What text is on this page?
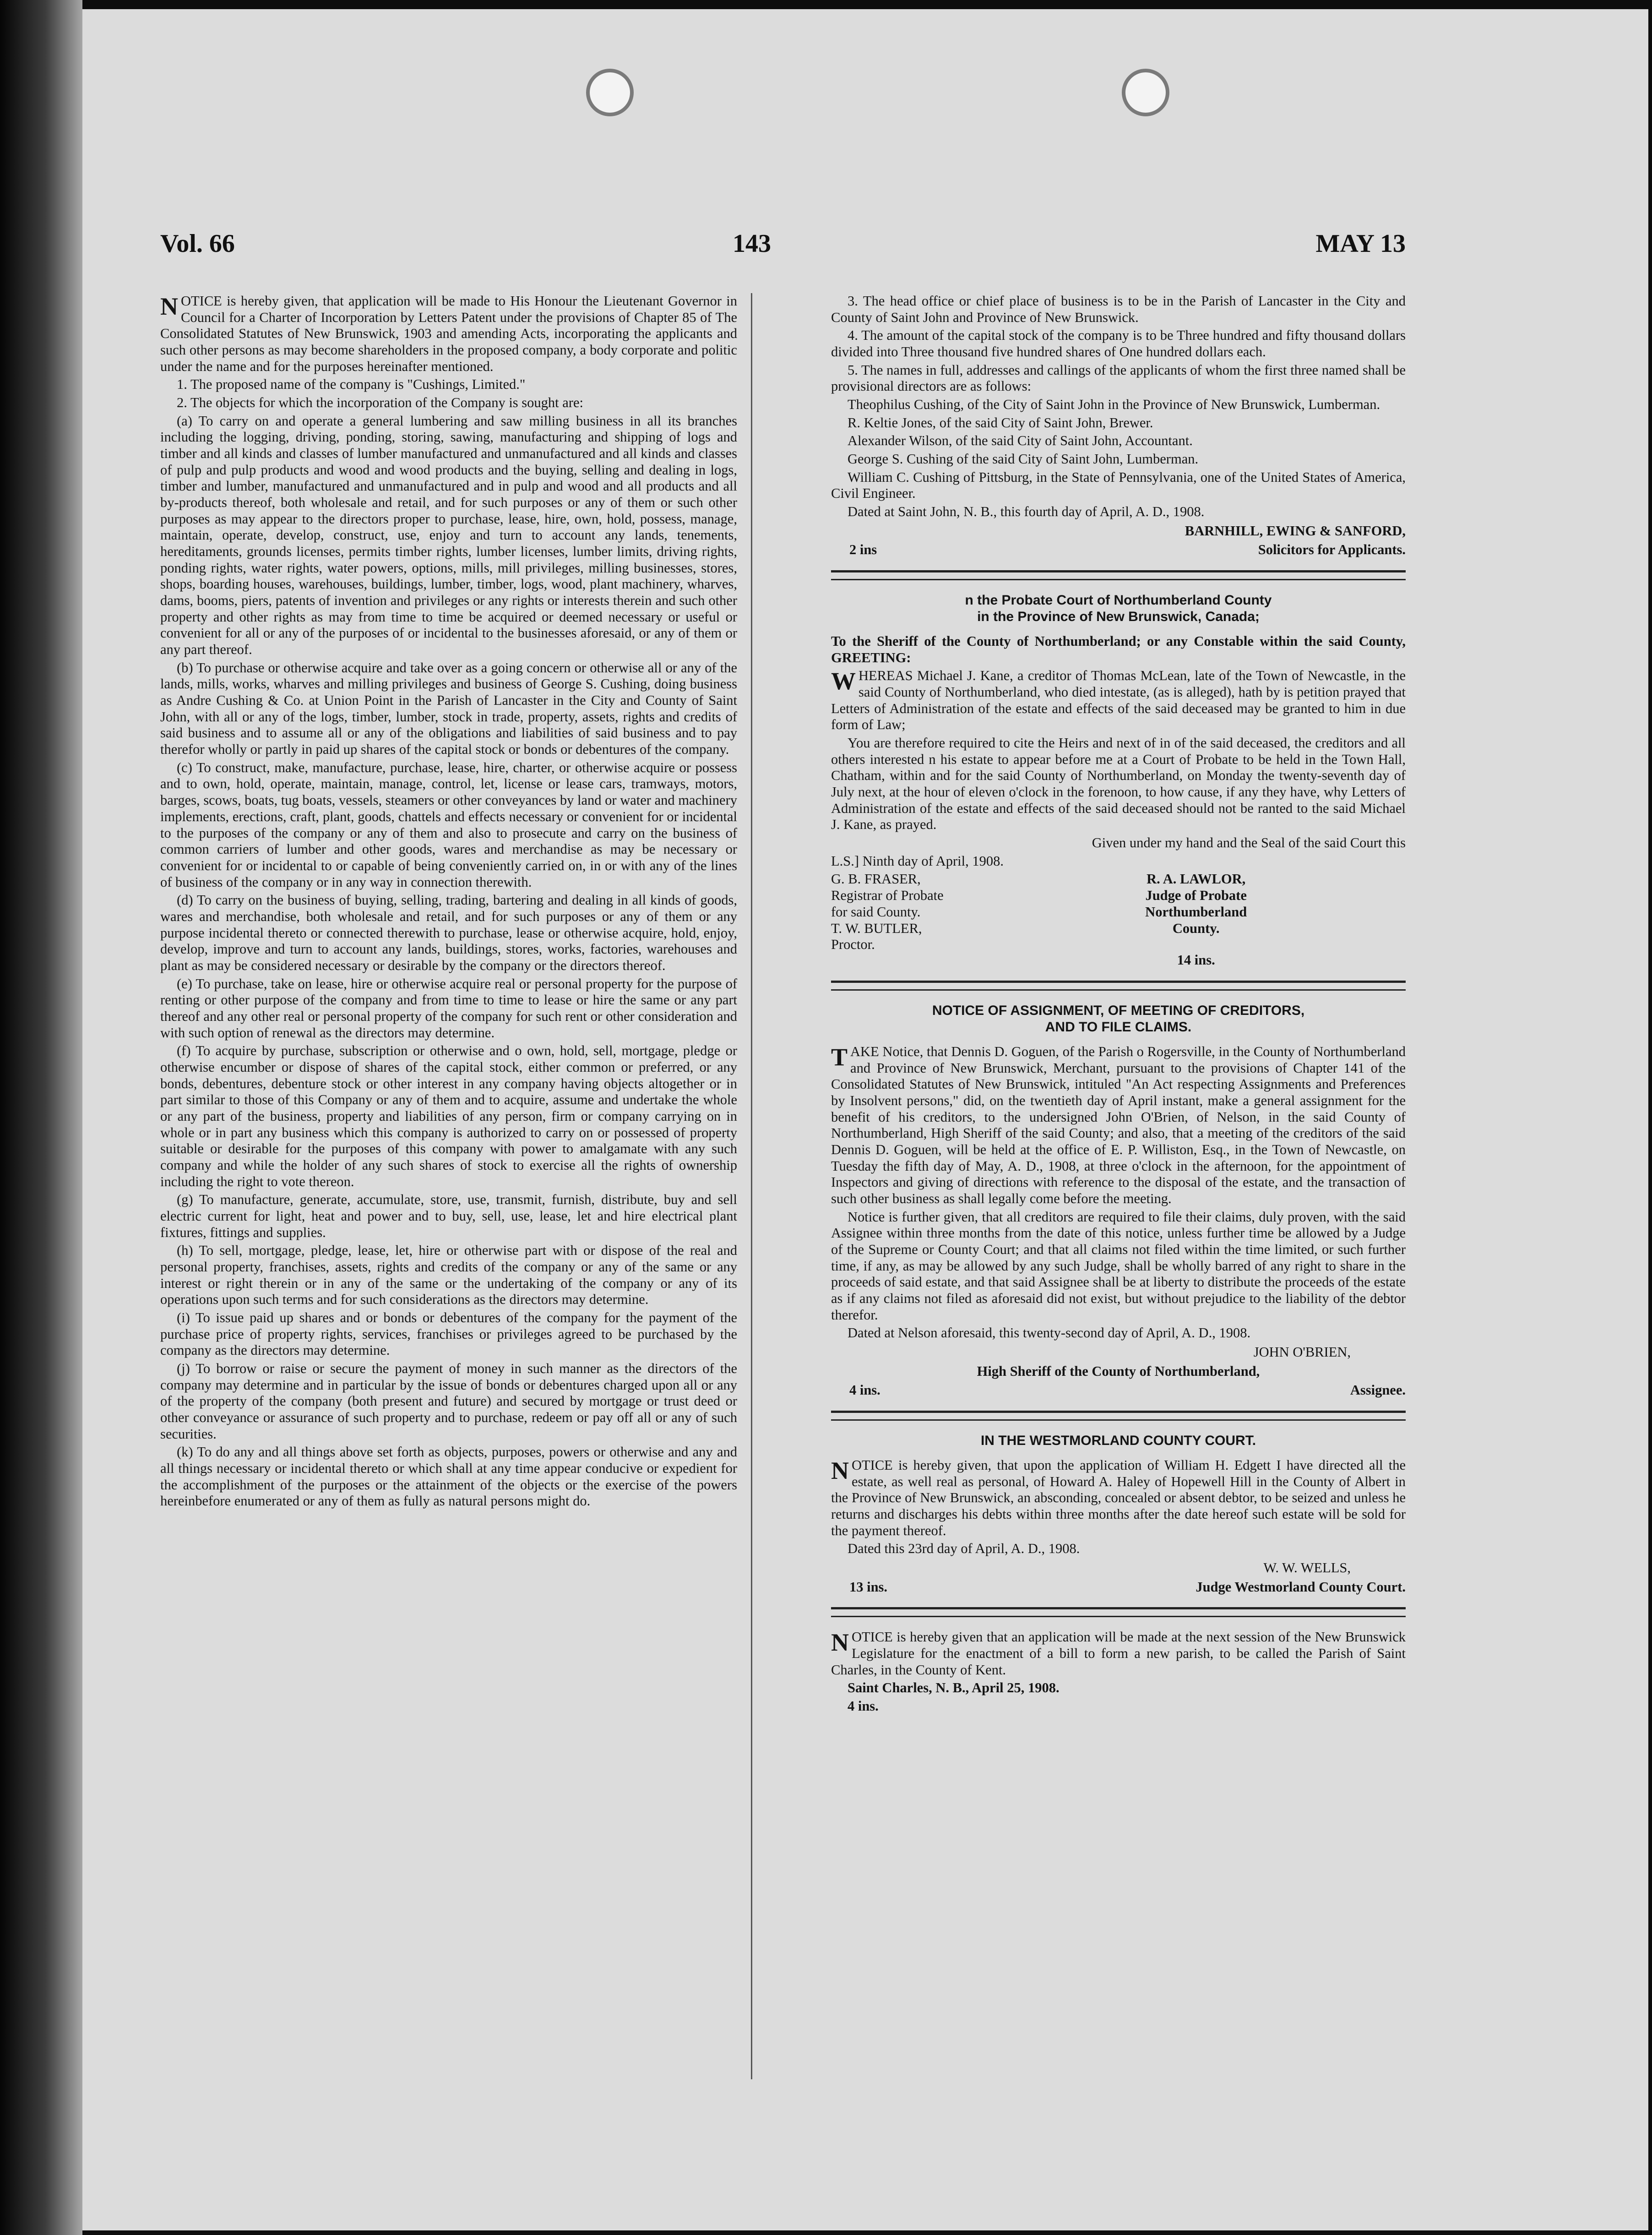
Vol. 66	143	MAY 13

NOTICE is hereby given, that application will be made to His Honour the Lieutenant Governor in Council for a Charter of Incorporation by Letters Patent under the provisions of Chapter 85 of The Consolidated Statutes of New Brunswick, 1903 and amending Acts, incorporating the applicants and such other persons as may become shareholders in the proposed company, a body corporate and politic under the name and for the purposes hereinafter mentioned.

1. The proposed name of the company is "Cushings, Limited."

2. The objects for which the incorporation of the Company is sought are:

(a) To carry on and operate a general lumbering and saw milling business in all its branches including the logging, driving, ponding, storing, sawing, manufacturing and shipping of logs and timber and all kinds and classes of lumber manufactured and unmanufactured and all kinds and classes of pulp and pulp products and wood and wood products and the buying, selling and dealing in logs, timber and lumber, manufactured and unmanufactured and in pulp and wood and all products and all by-products thereof, both wholesale and retail, and for such purposes or any of them or such other purposes as may appear to the directors proper to purchase, lease, hire, own, hold, possess, manage, maintain, operate, develop, construct, use, enjoy and turn to account any lands, tenements, hereditaments, grounds licenses, permits timber rights, lumber licenses, lumber limits, driving rights, ponding rights, water rights, water powers, options, mills, mill privileges, milling businesses, stores, shops, boarding houses, warehouses, buildings, lumber, timber, logs, wood, plant machinery, wharves, dams, booms, piers, patents of invention and privileges or any rights or interests therein and such other property and other rights as may from time to time be acquired or deemed necessary or useful or convenient for all or any of the purposes of or incidental to the businesses aforesaid, or any of them or any part thereof.

(b) To purchase or otherwise acquire and take over as a going concern or otherwise all or any of the lands, mills, works, wharves and milling privileges and business of George S. Cushing, doing business as Andre Cushing & Co. at Union Point in the Parish of Lancaster in the City and County of Saint John, with all or any of the logs, timber, lumber, stock in trade, property, assets, rights and credits of said business and to assume all or any of the obligations and liabilities of said business and to pay therefor wholly or partly in paid up shares of the capital stock or bonds or debentures of the company.

(c) To construct, make, manufacture, purchase, lease, hire, charter, or otherwise acquire or possess and to own, hold, operate, maintain, manage, control, let, license or lease cars, tramways, motors, barges, scows, boats, tug boats, vessels, steamers or other conveyances by land or water and machinery implements, erections, craft, plant, goods, chattels and effects necessary or convenient for or incidental to the purposes of the company or any of them and also to prosecute and carry on the business of common carriers of lumber and other goods, wares and merchandise as may be necessary or convenient for or incidental to or capable of being conveniently carried on, in or with any of the lines of business of the company or in any way in connection therewith.

(d) To carry on the business of buying, selling, trading, bartering and dealing in all kinds of goods, wares and merchandise, both wholesale and retail, and for such purposes or any of them or any purpose incidental thereto or connected therewith to purchase, lease or otherwise acquire, hold, enjoy, develop, improve and turn to account any lands, buildings, stores, works, factories, warehouses and plant as may be considered necessary or desirable by the company or the directors thereof.

(e) To purchase, take on lease, hire or otherwise acquire real or personal property for the purpose of renting or other purpose of the company and from time to time to lease or hire the same or any part thereof and any other real or personal property of the company for such rent or other consideration and with such option of renewal as the directors may determine.

(f) To acquire by purchase, subscription or otherwise and o own, hold, sell, mortgage, pledge or otherwise encumber or dispose of shares of the capital stock, either common or preferred, or any bonds, debentures, debenture stock or other interest in any company having objects altogether or in part similar to those of this Company or any of them and to acquire, assume and undertake the whole or any part of the business, property and liabilities of any person, firm or company carrying on in whole or in part any business which this company is authorized to carry on or possessed of property suitable or desirable for the purposes of this company with power to amalgamate with any such company and while the holder of any such shares of stock to exercise all the rights of ownership including the right to vote thereon.

(g) To manufacture, generate, accumulate, store, use, transmit, furnish, distribute, buy and sell electric current for light, heat and power and to buy, sell, use, lease, let and hire electrical plant fixtures, fittings and supplies.

(h) To sell, mortgage, pledge, lease, let, hire or otherwise part with or dispose of the real and personal property, franchises, assets, rights and credits of the company or any of the same or any interest or right therein or in any of the same or the undertaking of the company or any of its operations upon such terms and for such considerations as the directors may determine.

(i) To issue paid up shares and or bonds or debentures of the company for the payment of the purchase price of property rights, services, franchises or privileges agreed to be purchased by the company as the directors may determine.

(j) To borrow or raise or secure the payment of money in such manner as the directors of the company may determine and in particular by the issue of bonds or debentures charged upon all or any of the property of the company (both present and future) and secured by mortgage or trust deed or other conveyance or assurance of such property and to purchase, redeem or pay off all or any of such securities.

(k) To do any and all things above set forth as objects, purposes, powers or otherwise and any and all things necessary or incidental thereto or which shall at any time appear conducive or expedient for the accomplishment of the purposes or the attainment of the objects or the exercise of the powers hereinbefore enumerated or any of them as fully as natural persons might do.

3. The head office or chief place of business is to be in the Parish of Lancaster in the City and County of Saint John and Province of New Brunswick.

4. The amount of the capital stock of the company is to be Three hundred and fifty thousand dollars divided into Three thousand five hundred shares of One hundred dollars each.

5. The names in full, addresses and callings of the applicants of whom the first three named shall be provisional directors are as follows:

Theophilus Cushing, of the City of Saint John in the Province of New Brunswick, Lumberman.

R. Keltie Jones, of the said City of Saint John, Brewer.

Alexander Wilson, of the said City of Saint John, Accountant.

George S. Cushing of the said City of Saint John, Lumberman.

William C. Cushing of Pittsburg, in the State of Pennsylvania, one of the United States of America, Civil Engineer.

Dated at Saint John, N. B., this fourth day of April, A. D., 1908.

BARNHILL, EWING & SANFORD,
2 ins	Solicitors for Applicants.
n the Probate Court of Northumberland County
in the Province of New Brunswick, Canada;

To the Sheriff of the County of Northumberland; or any Constable within the said County, GREETING:

WHEREAS Michael J. Kane, a creditor of Thomas McLean, late of the Town of Newcastle, in the said County of Northumberland, who died intestate, (as is alleged), hath by is petition prayed that Letters of Administration of the estate and effects of the said deceased may be granted to him in due form of Law;

You are therefore required to cite the Heirs and next of in of the said deceased, the creditors and all others interested n his estate to appear before me at a Court of Probate to be held in the Town Hall, Chatham, within and for the said County of Northumberland, on Monday the twenty-seventh day of July next, at the hour of eleven o'clock in the forenoon, to how cause, if any they have, why Letters of Administration of the estate and effects of the said deceased should not be ranted to the said Michael J. Kane, as prayed.

Given under my hand and the Seal of the said Court this

L.S.] Ninth day of April, 1908.

G. B. FRASER,
Registrar of Probate
for said County.
T. W. BUTLER,
Proctor.
R. A. LAWLOR,
Judge of Probate
Northumberland County.
14 ins.
NOTICE OF ASSIGNMENT, OF MEETING OF CREDITORS,
AND TO FILE CLAIMS.

TAKE Notice, that Dennis D. Goguen, of the Parish o Rogersville, in the County of Northumberland and Province of New Brunswick, Merchant, pursuant to the provisions of Chapter 141 of the Consolidated Statutes of New Brunswick, intituled "An Act respecting Assignments and Preferences by Insolvent persons," did, on the twentieth day of April instant, make a general assignment for the benefit of his creditors, to the undersigned John O'Brien, of Nelson, in the said County of Northumberland, High Sheriff of the said County; and also, that a meeting of the creditors of the said Dennis D. Goguen, will be held at the office of E. P. Williston, Esq., in the Town of Newcastle, on Tuesday the fifth day of May, A. D., 1908, at three o'clock in the afternoon, for the appointment of Inspectors and giving of directions with reference to the disposal of the estate, and the transaction of such other business as shall legally come before the meeting.

Notice is further given, that all creditors are required to file their claims, duly proven, with the said Assignee within three months from the date of this notice, unless further time be allowed by a Judge of the Supreme or County Court; and that all claims not filed within the time limited, or such further time, if any, as may be allowed by any such Judge, shall be wholly barred of any right to share in the proceeds of said estate, and that said Assignee shall be at liberty to distribute the proceeds of the estate as if any claims not filed as aforesaid did not exist, but without prejudice to the liability of the debtor therefor.

Dated at Nelson aforesaid, this twenty-second day of April, A. D., 1908.

JOHN O'BRIEN,
High Sheriff of the County of Northumberland,
4 ins.	Assignee.
IN THE WESTMORLAND COUNTY COURT.

NOTICE is hereby given, that upon the application of William H. Edgett I have directed all the estate, as well real as personal, of Howard A. Haley of Hopewell Hill in the County of Albert in the Province of New Brunswick, an absconding, concealed or absent debtor, to be seized and unless he returns and discharges his debts within three months after the date hereof such estate will be sold for the payment thereof.

Dated this 23rd day of April, A. D., 1908.

W. W. WELLS,
13 ins.	Judge Westmorland County Court.

NOTICE is hereby given that an application will be made at the next session of the New Brunswick Legislature for the enactment of a bill to form a new parish, to be called the Parish of Saint Charles, in the County of Kent.

Saint Charles, N. B., April 25, 1908.

4 ins.
